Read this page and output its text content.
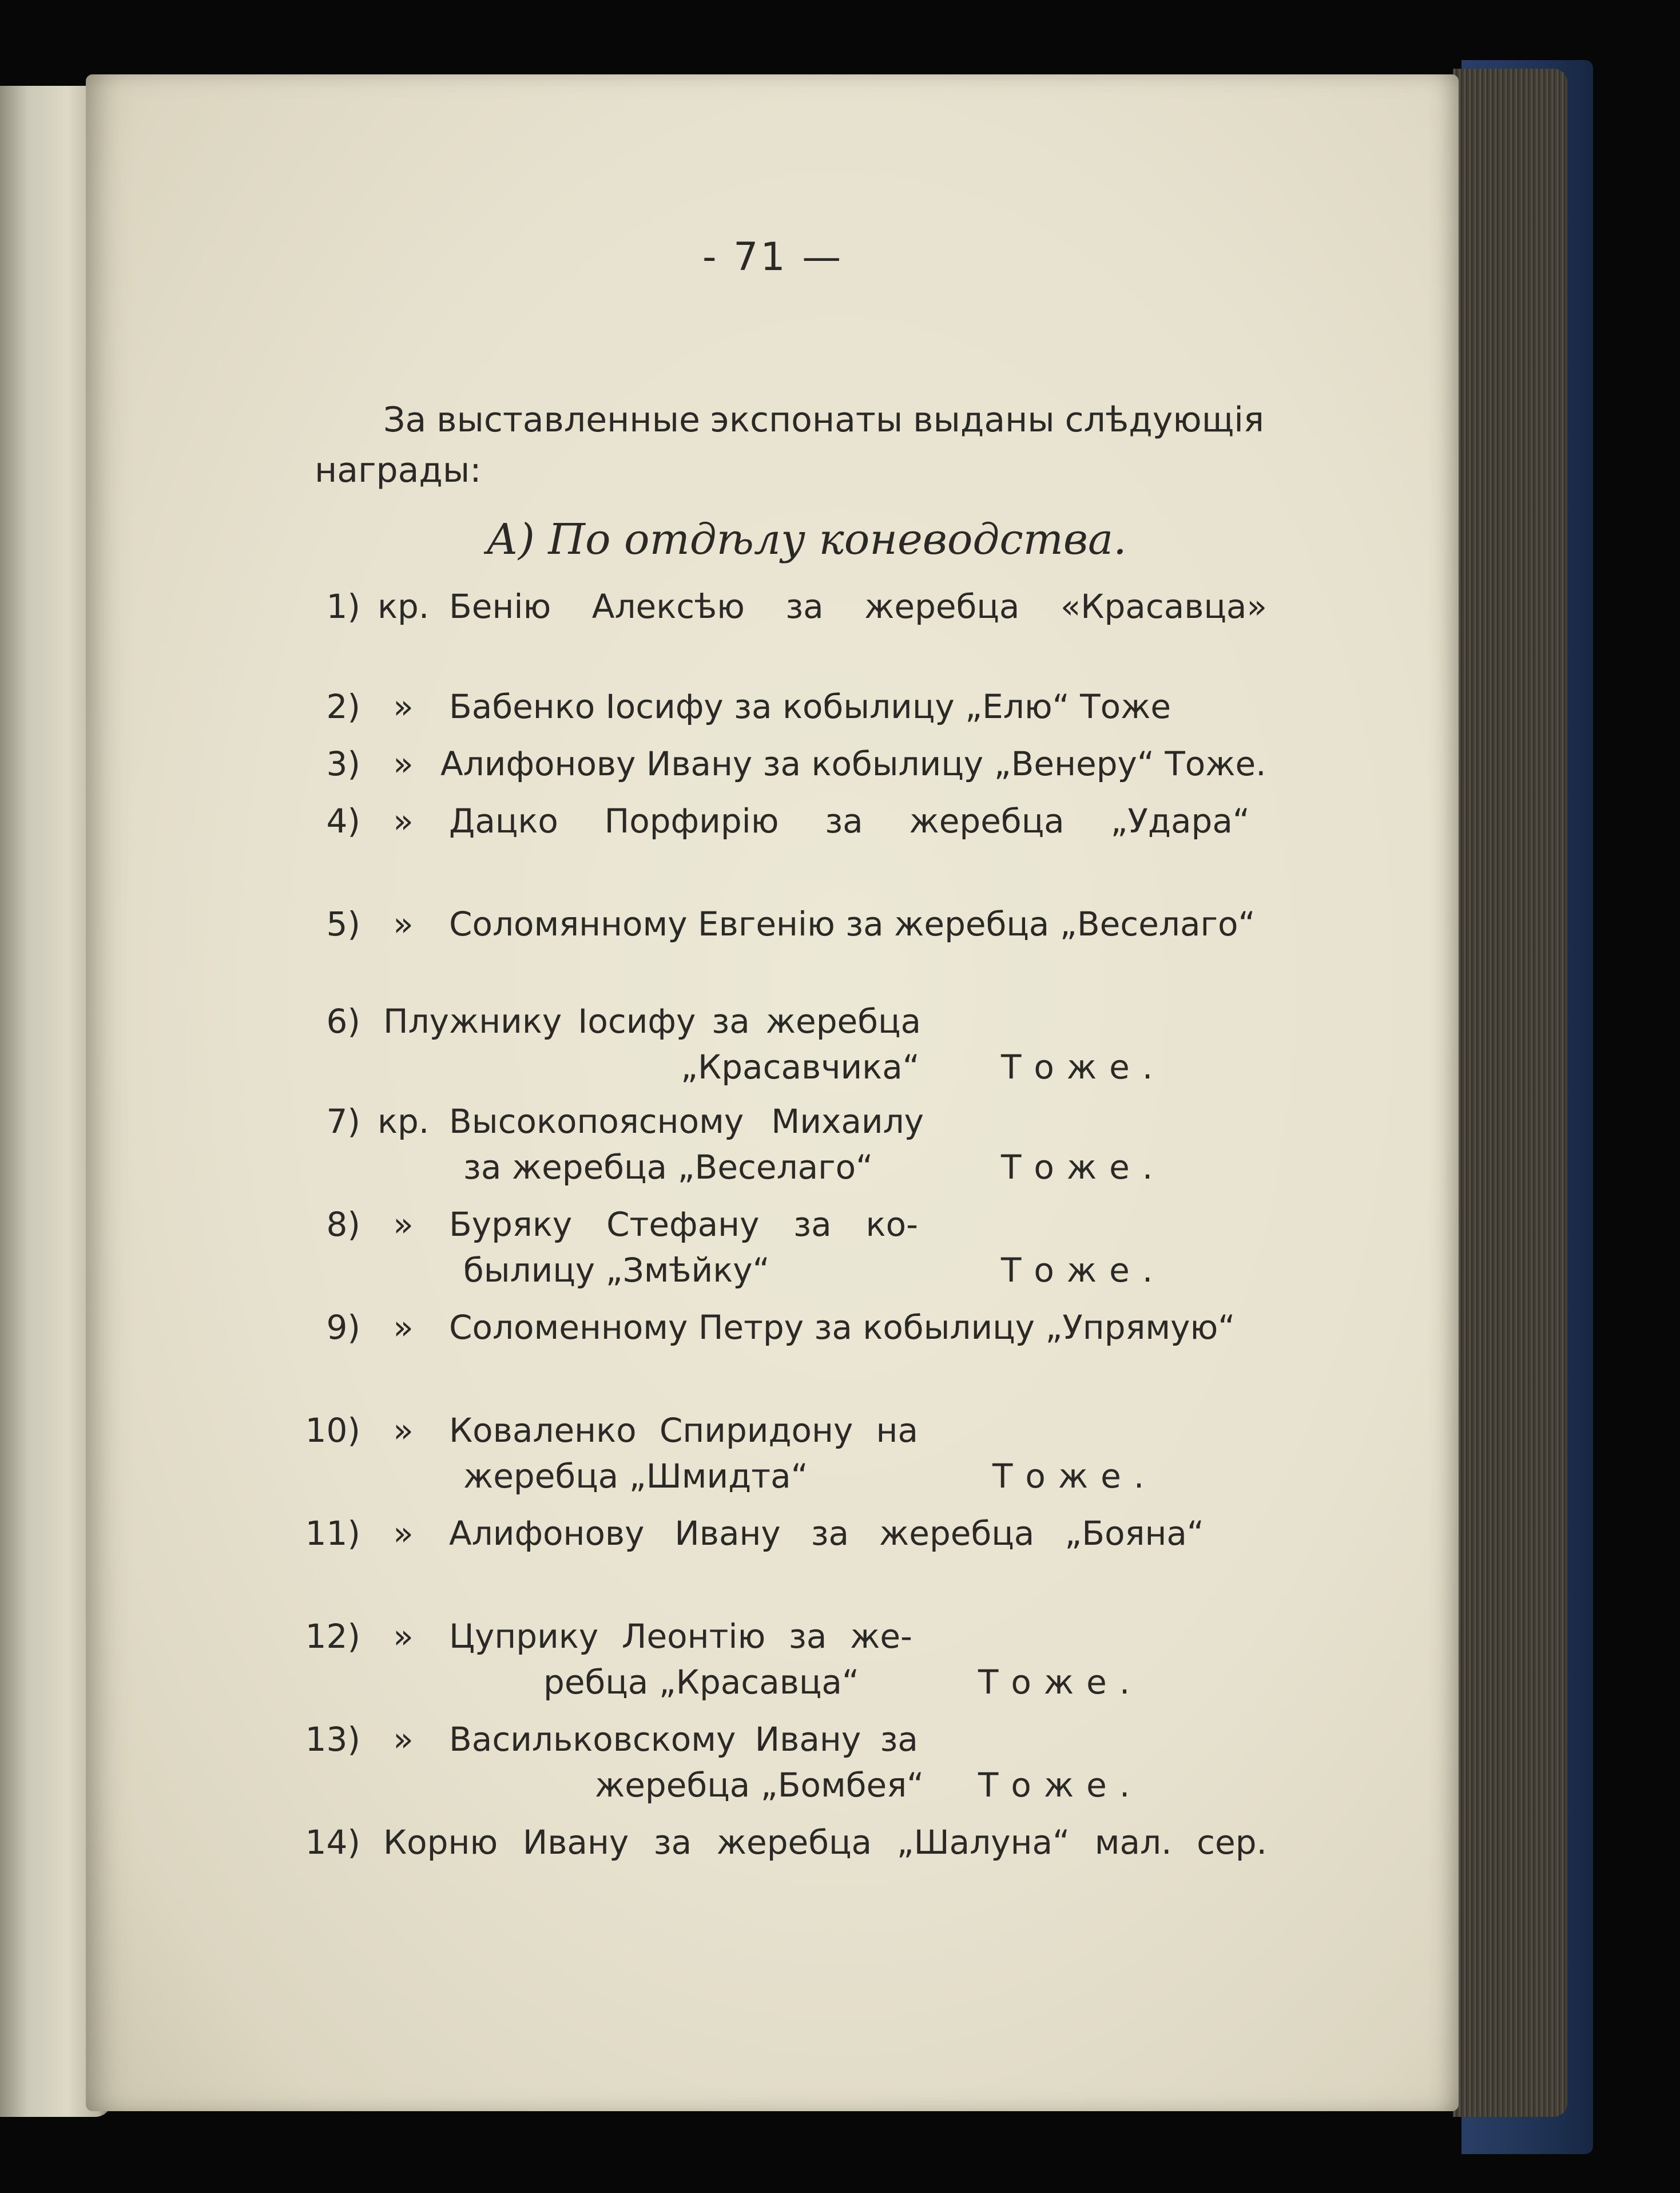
- 71 —
За выставленные экспонаты выданы слѣдующія
награды:
А) По отдѣлу коневодства.
1) кр. Бенію Алексѣю за жеребца «Красавца»
2) »	Бабенко Іосифу за кобылицу „Елю“ Тоже
3) » Алифонову Ивану за кобылицу „Венеру“ Тоже.
4) »	Дацко Порфирію за жеребца „Удара“
5) »	Соломянному Евгенію за жеребца „Веселаго“
6) Плужнику Іосифу за жеребца
„Красавчика“ Тоже.
7) кр. Высокопоясному Михаилу
за жеребца „Веселаго“	Тоже.
8) »	Буряку Стефану за ко-
былицу „Змѣйку“	Тоже.
9) »	Соломенному Петру за кобылицу „Упрямую“
10) »	Коваленко Спиридону на
жеребца „Шмидта“	Тоже.
11) »	Алифонову Ивану за жеребца „Бояна“
12) »	Цуприку Леонтію за же-
ребца „Красавца“	Тоже.
13) »	Васильковскому Ивану за
жеребца „Бомбея“ Тоже.
14) Корню Ивану за жеребца „Шалуна“ мал. сер.
